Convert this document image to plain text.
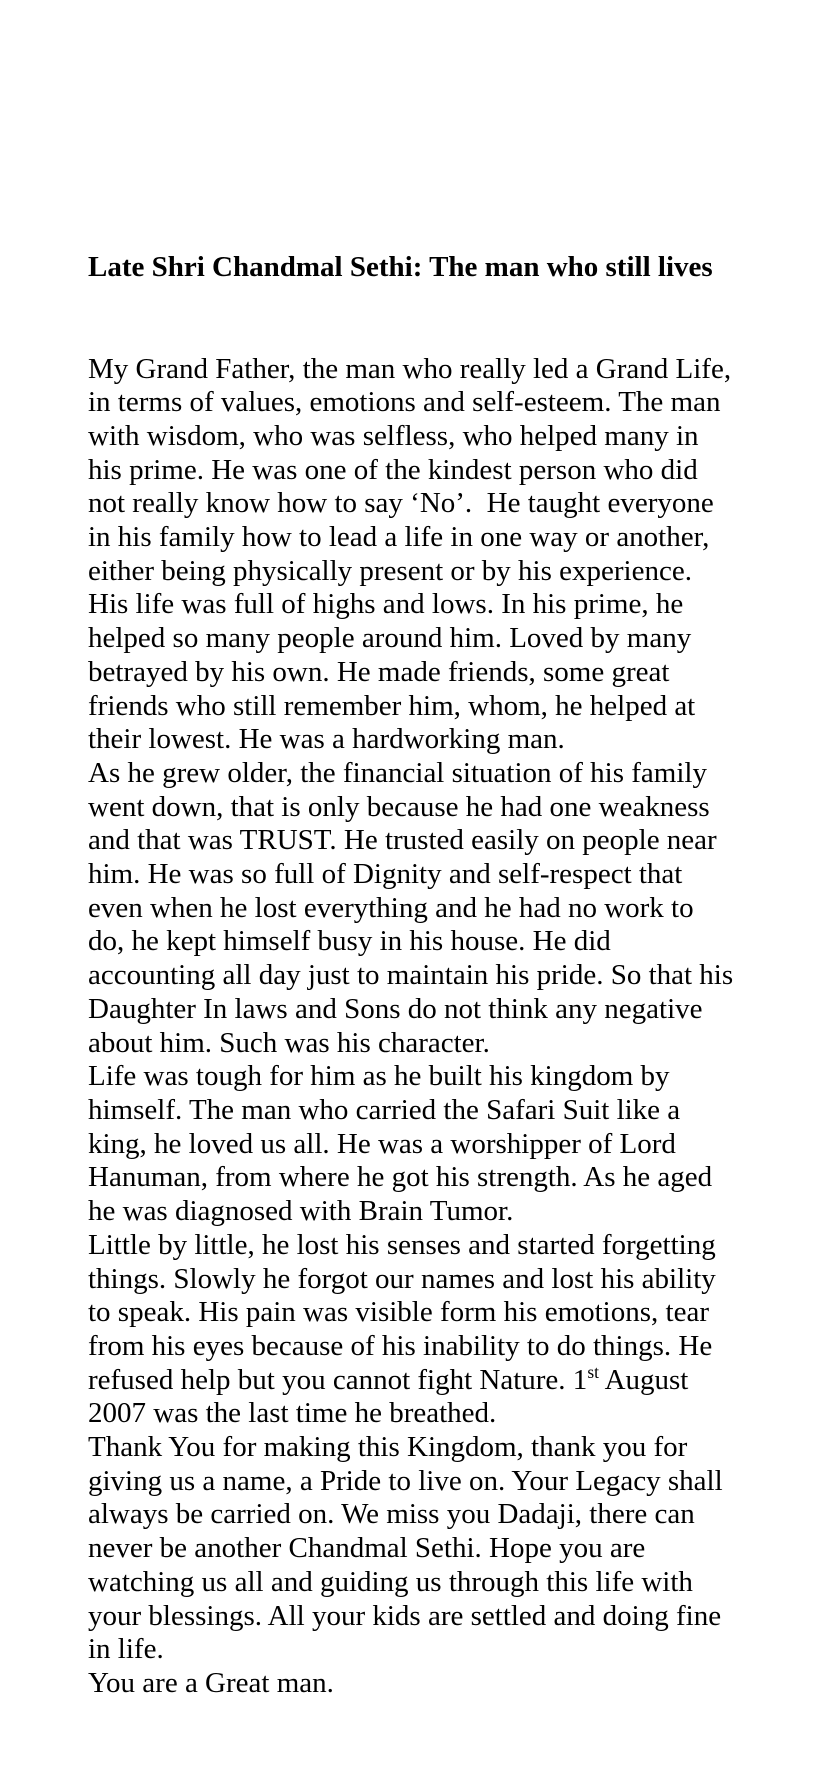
Late Shri Chandmal Sethi: The man who still lives

My Grand Father, the man who really led a Grand Life,
in terms of values, emotions and self-esteem. The man
with wisdom, who was selfless, who helped many in
his prime. He was one of the kindest person who did
not really know how to say ‘No’.  He taught everyone
in his family how to lead a life in one way or another,
either being physically present or by his experience.
His life was full of highs and lows. In his prime, he
helped so many people around him. Loved by many
betrayed by his own. He made friends, some great
friends who still remember him, whom, he helped at
their lowest. He was a hardworking man.
As he grew older, the financial situation of his family
went down, that is only because he had one weakness
and that was TRUST. He trusted easily on people near
him. He was so full of Dignity and self-respect that
even when he lost everything and he had no work to
do, he kept himself busy in his house. He did
accounting all day just to maintain his pride. So that his
Daughter In laws and Sons do not think any negative
about him. Such was his character.
Life was tough for him as he built his kingdom by
himself. The man who carried the Safari Suit like a
king, he loved us all. He was a worshipper of Lord
Hanuman, from where he got his strength. As he aged
he was diagnosed with Brain Tumor.
Little by little, he lost his senses and started forgetting
things. Slowly he forgot our names and lost his ability
to speak. His pain was visible form his emotions, tear
from his eyes because of his inability to do things. He
refused help but you cannot fight Nature. 1st August
2007 was the last time he breathed.
Thank You for making this Kingdom, thank you for
giving us a name, a Pride to live on. Your Legacy shall
always be carried on. We miss you Dadaji, there can
never be another Chandmal Sethi. Hope you are
watching us all and guiding us through this life with
your blessings. All your kids are settled and doing fine
in life.
You are a Great man.
